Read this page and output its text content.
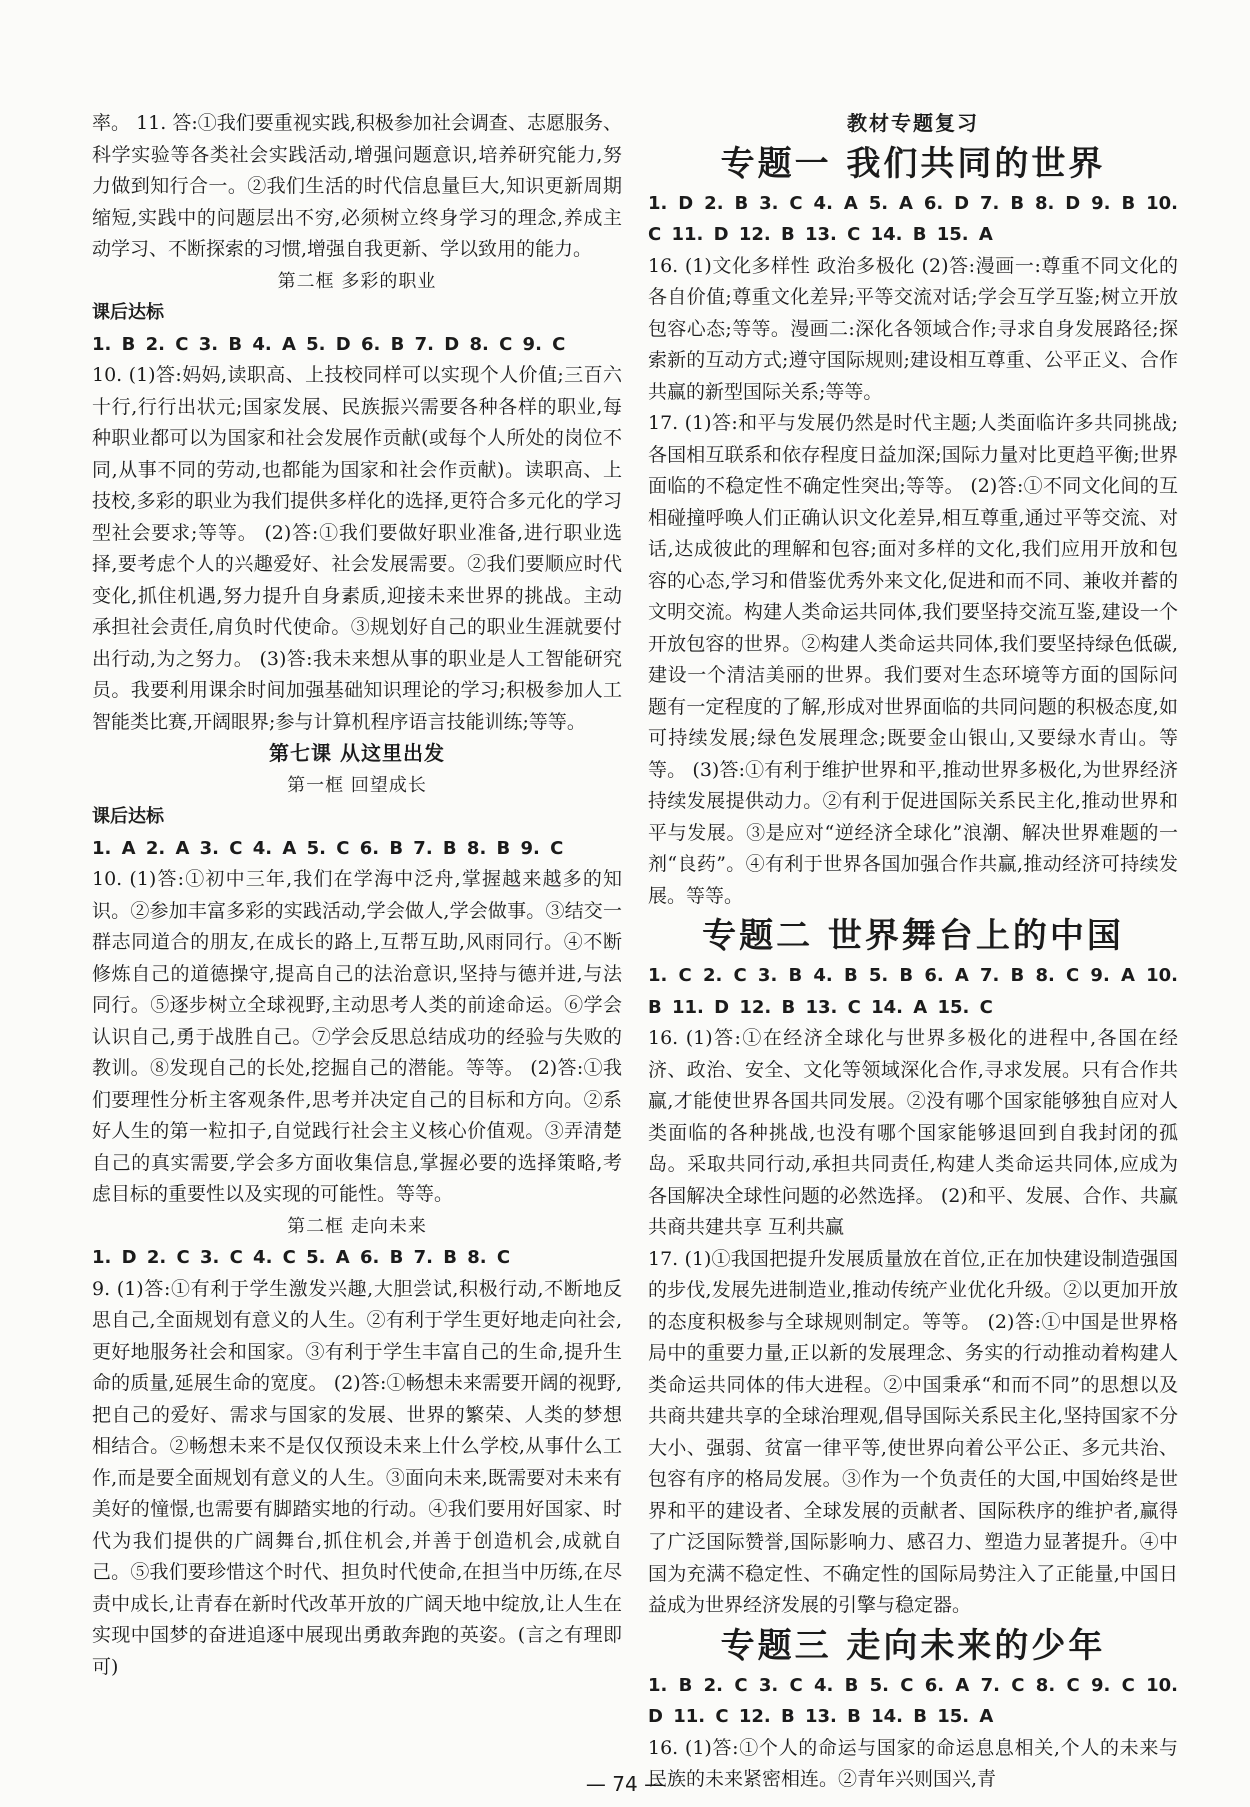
率。 11. 答:①我们要重视实践,积极参加社会调查、志愿服务、科学实验等各类社会实践活动,增强问题意识,培养研究能力,努力做到知行合一。②我们生活的时代信息量巨大,知识更新周期缩短,实践中的问题层出不穷,必须树立终身学习的理念,养成主动学习、不断探索的习惯,增强自我更新、学以致用的能力。

第二框 多彩的职业

课后达标

1. B 2. C 3. B 4. A 5. D 6. B 7. D 8. C 9. C

10. (1)答:妈妈,读职高、上技校同样可以实现个人价值;三百六十行,行行出状元;国家发展、民族振兴需要各种各样的职业,每种职业都可以为国家和社会发展作贡献(或每个人所处的岗位不同,从事不同的劳动,也都能为国家和社会作贡献)。读职高、上技校,多彩的职业为我们提供多样化的选择,更符合多元化的学习型社会要求;等等。 (2)答:①我们要做好职业准备,进行职业选择,要考虑个人的兴趣爱好、社会发展需要。②我们要顺应时代变化,抓住机遇,努力提升自身素质,迎接未来世界的挑战。主动承担社会责任,肩负时代使命。③规划好自己的职业生涯就要付出行动,为之努力。 (3)答:我未来想从事的职业是人工智能研究员。我要利用课余时间加强基础知识理论的学习;积极参加人工智能类比赛,开阔眼界;参与计算机程序语言技能训练;等等。

第七课 从这里出发

第一框 回望成长

课后达标

1. A 2. A 3. C 4. A 5. C 6. B 7. B 8. B 9. C

10. (1)答:①初中三年,我们在学海中泛舟,掌握越来越多的知识。②参加丰富多彩的实践活动,学会做人,学会做事。③结交一群志同道合的朋友,在成长的路上,互帮互助,风雨同行。④不断修炼自己的道德操守,提高自己的法治意识,坚持与德并进,与法同行。⑤逐步树立全球视野,主动思考人类的前途命运。⑥学会认识自己,勇于战胜自己。⑦学会反思总结成功的经验与失败的教训。⑧发现自己的长处,挖掘自己的潜能。等等。 (2)答:①我们要理性分析主客观条件,思考并决定自己的目标和方向。②系好人生的第一粒扣子,自觉践行社会主义核心价值观。③弄清楚自己的真实需要,学会多方面收集信息,掌握必要的选择策略,考虑目标的重要性以及实现的可能性。等等。

第二框 走向未来

1. D 2. C 3. C 4. C 5. A 6. B 7. B 8. C

9. (1)答:①有利于学生激发兴趣,大胆尝试,积极行动,不断地反思自己,全面规划有意义的人生。②有利于学生更好地走向社会,更好地服务社会和国家。③有利于学生丰富自己的生命,提升生命的质量,延展生命的宽度。 (2)答:①畅想未来需要开阔的视野,把自己的爱好、需求与国家的发展、世界的繁荣、人类的梦想相结合。②畅想未来不是仅仅预设未来上什么学校,从事什么工作,而是要全面规划有意义的人生。③面向未来,既需要对未来有美好的憧憬,也需要有脚踏实地的行动。④我们要用好国家、时代为我们提供的广阔舞台,抓住机会,并善于创造机会,成就自己。⑤我们要珍惜这个时代、担负时代使命,在担当中历练,在尽责中成长,让青春在新时代改革开放的广阔天地中绽放,让人生在实现中国梦的奋进追逐中展现出勇敢奔跑的英姿。(言之有理即可)

教材专题复习

专题一 我们共同的世界

1. D 2. B 3. C 4. A 5. A 6. D 7. B 8. D 9. B 10. C 11. D 12. B 13. C 14. B 15. A

16. (1)文化多样性 政治多极化 (2)答:漫画一:尊重不同文化的各自价值;尊重文化差异;平等交流对话;学会互学互鉴;树立开放包容心态;等等。漫画二:深化各领域合作;寻求自身发展路径;探索新的互动方式;遵守国际规则;建设相互尊重、公平正义、合作共赢的新型国际关系;等等。

17. (1)答:和平与发展仍然是时代主题;人类面临许多共同挑战;各国相互联系和依存程度日益加深;国际力量对比更趋平衡;世界面临的不稳定性不确定性突出;等等。 (2)答:①不同文化间的互相碰撞呼唤人们正确认识文化差异,相互尊重,通过平等交流、对话,达成彼此的理解和包容;面对多样的文化,我们应用开放和包容的心态,学习和借鉴优秀外来文化,促进和而不同、兼收并蓄的文明交流。构建人类命运共同体,我们要坚持交流互鉴,建设一个开放包容的世界。②构建人类命运共同体,我们要坚持绿色低碳,建设一个清洁美丽的世界。我们要对生态环境等方面的国际问题有一定程度的了解,形成对世界面临的共同问题的积极态度,如可持续发展;绿色发展理念;既要金山银山,又要绿水青山。等等。 (3)答:①有利于维护世界和平,推动世界多极化,为世界经济持续发展提供动力。②有利于促进国际关系民主化,推动世界和平与发展。③是应对“逆经济全球化”浪潮、解决世界难题的一剂“良药”。④有利于世界各国加强合作共赢,推动经济可持续发展。等等。

专题二 世界舞台上的中国

1. C 2. C 3. B 4. B 5. B 6. A 7. B 8. C 9. A 10. B 11. D 12. B 13. C 14. A 15. C

16. (1)答:①在经济全球化与世界多极化的进程中,各国在经济、政治、安全、文化等领域深化合作,寻求发展。只有合作共赢,才能使世界各国共同发展。②没有哪个国家能够独自应对人类面临的各种挑战,也没有哪个国家能够退回到自我封闭的孤岛。采取共同行动,承担共同责任,构建人类命运共同体,应成为各国解决全球性问题的必然选择。 (2)和平、发展、合作、共赢 共商共建共享 互利共赢

17. (1)①我国把提升发展质量放在首位,正在加快建设制造强国的步伐,发展先进制造业,推动传统产业优化升级。②以更加开放的态度积极参与全球规则制定。等等。 (2)答:①中国是世界格局中的重要力量,正以新的发展理念、务实的行动推动着构建人类命运共同体的伟大进程。②中国秉承“和而不同”的思想以及共商共建共享的全球治理观,倡导国际关系民主化,坚持国家不分大小、强弱、贫富一律平等,使世界向着公平公正、多元共治、包容有序的格局发展。③作为一个负责任的大国,中国始终是世界和平的建设者、全球发展的贡献者、国际秩序的维护者,赢得了广泛国际赞誉,国际影响力、感召力、塑造力显著提升。④中国为充满不稳定性、不确定性的国际局势注入了正能量,中国日益成为世界经济发展的引擎与稳定器。

专题三 走向未来的少年

1. B 2. C 3. C 4. B 5. C 6. A 7. C 8. C 9. C 10. D 11. C 12. B 13. B 14. B 15. A

16. (1)答:①个人的命运与国家的命运息息相关,个人的未来与民族的未来紧密相连。②青年兴则国兴,青

— 74 —
